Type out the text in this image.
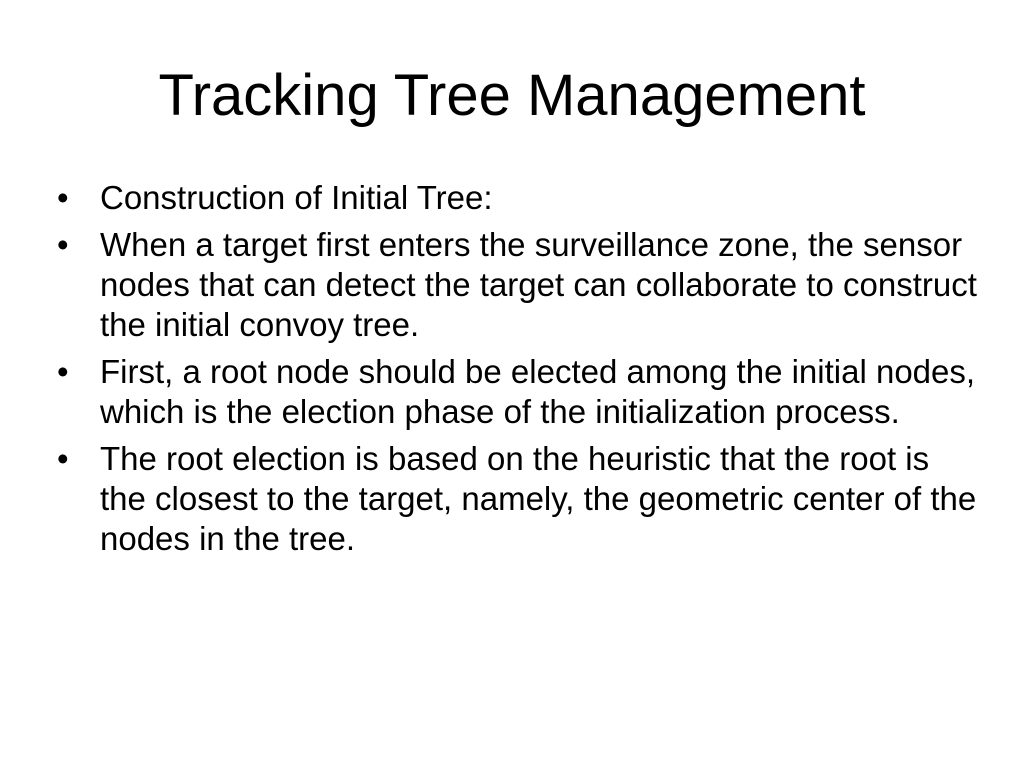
Tracking Tree Management
• Construction of Initial Tree:
• When a target first enters the surveillance zone, the sensor nodes that can detect the target can collaborate to construct the initial convoy tree.
• First, a root node should be elected among the initial nodes, which is the election phase of the initialization process.
• The root election is based on the heuristic that the root is the closest to the target, namely, the geometric center of the nodes in the tree.
